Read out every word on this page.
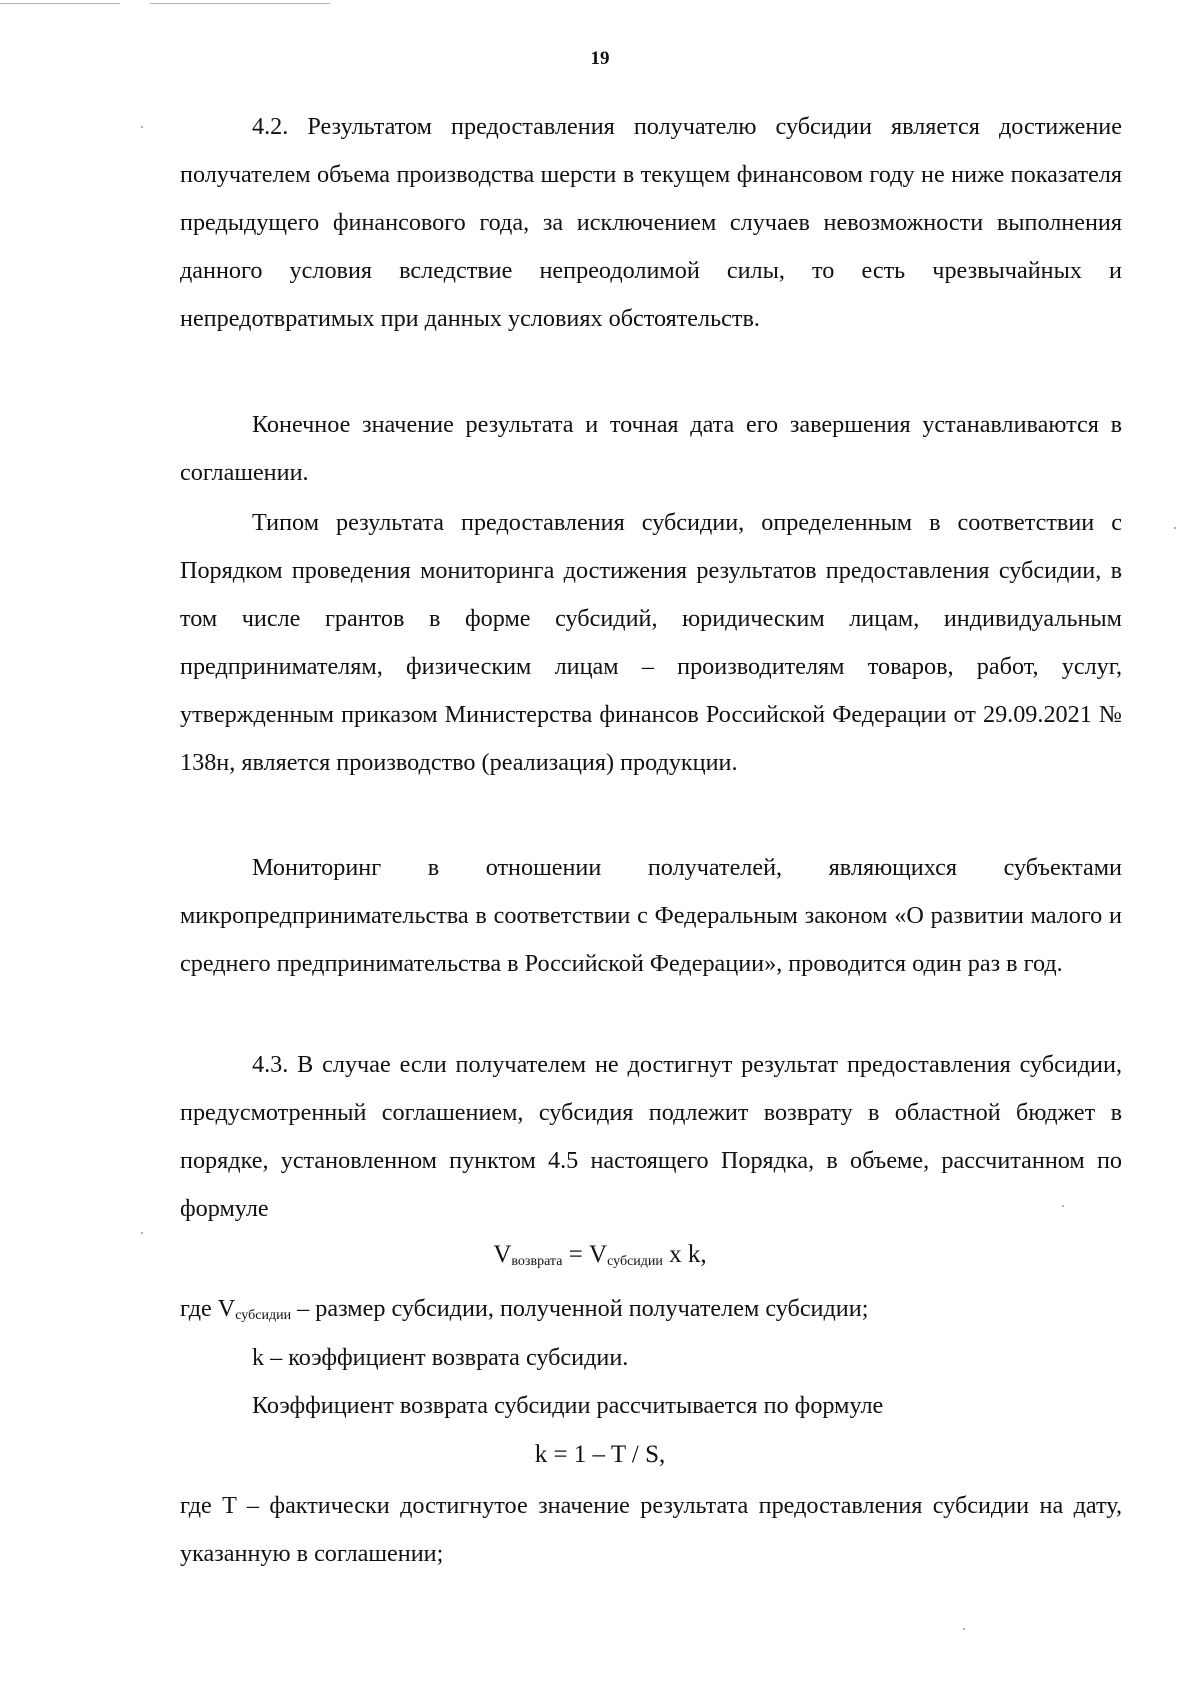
19

4.2. Результатом предоставления получателю субсидии является достижение получателем объема производства шерсти в текущем финансовом году не ниже показателя предыдущего финансового года, за исключением случаев невозможности выполнения данного условия вследствие непреодолимой силы, то есть чрезвычайных и непредотвратимых при данных условиях обстоятельств.

Конечное значение результата и точная дата его завершения устанавливаются в соглашении.

Типом результата предоставления субсидии, определенным в соответствии с Порядком проведения мониторинга достижения результатов предоставления субсидии, в том числе грантов в форме субсидий, юридическим лицам, индивидуальным предпринимателям, физическим лицам – производителям товаров, работ, услуг, утвержденным приказом Министерства финансов Российской Федерации от 29.09.2021 № 138н, является производство (реализация) продукции.

Мониторинг в отношении получателей, являющихся субъектами микропредпринимательства в соответствии с Федеральным законом «О развитии малого и среднего предпринимательства в Российской Федерации», проводится один раз в год.

4.3. В случае если получателем не достигнут результат предоставления субсидии, предусмотренный соглашением, субсидия подлежит возврату в областной бюджет в порядке, установленном пунктом 4.5 настоящего Порядка, в объеме, рассчитанном по формуле

$V_{возврата} = V_{субсидии}$ x k,

где $V_{субсидии}$ – размер субсидии, полученной получателем субсидии;

k – коэффициент возврата субсидии.

Коэффициент возврата субсидии рассчитывается по формуле

k = 1 – T / S,

где T – фактически достигнутое значение результата предоставления субсидии на дату, указанную в соглашении;
